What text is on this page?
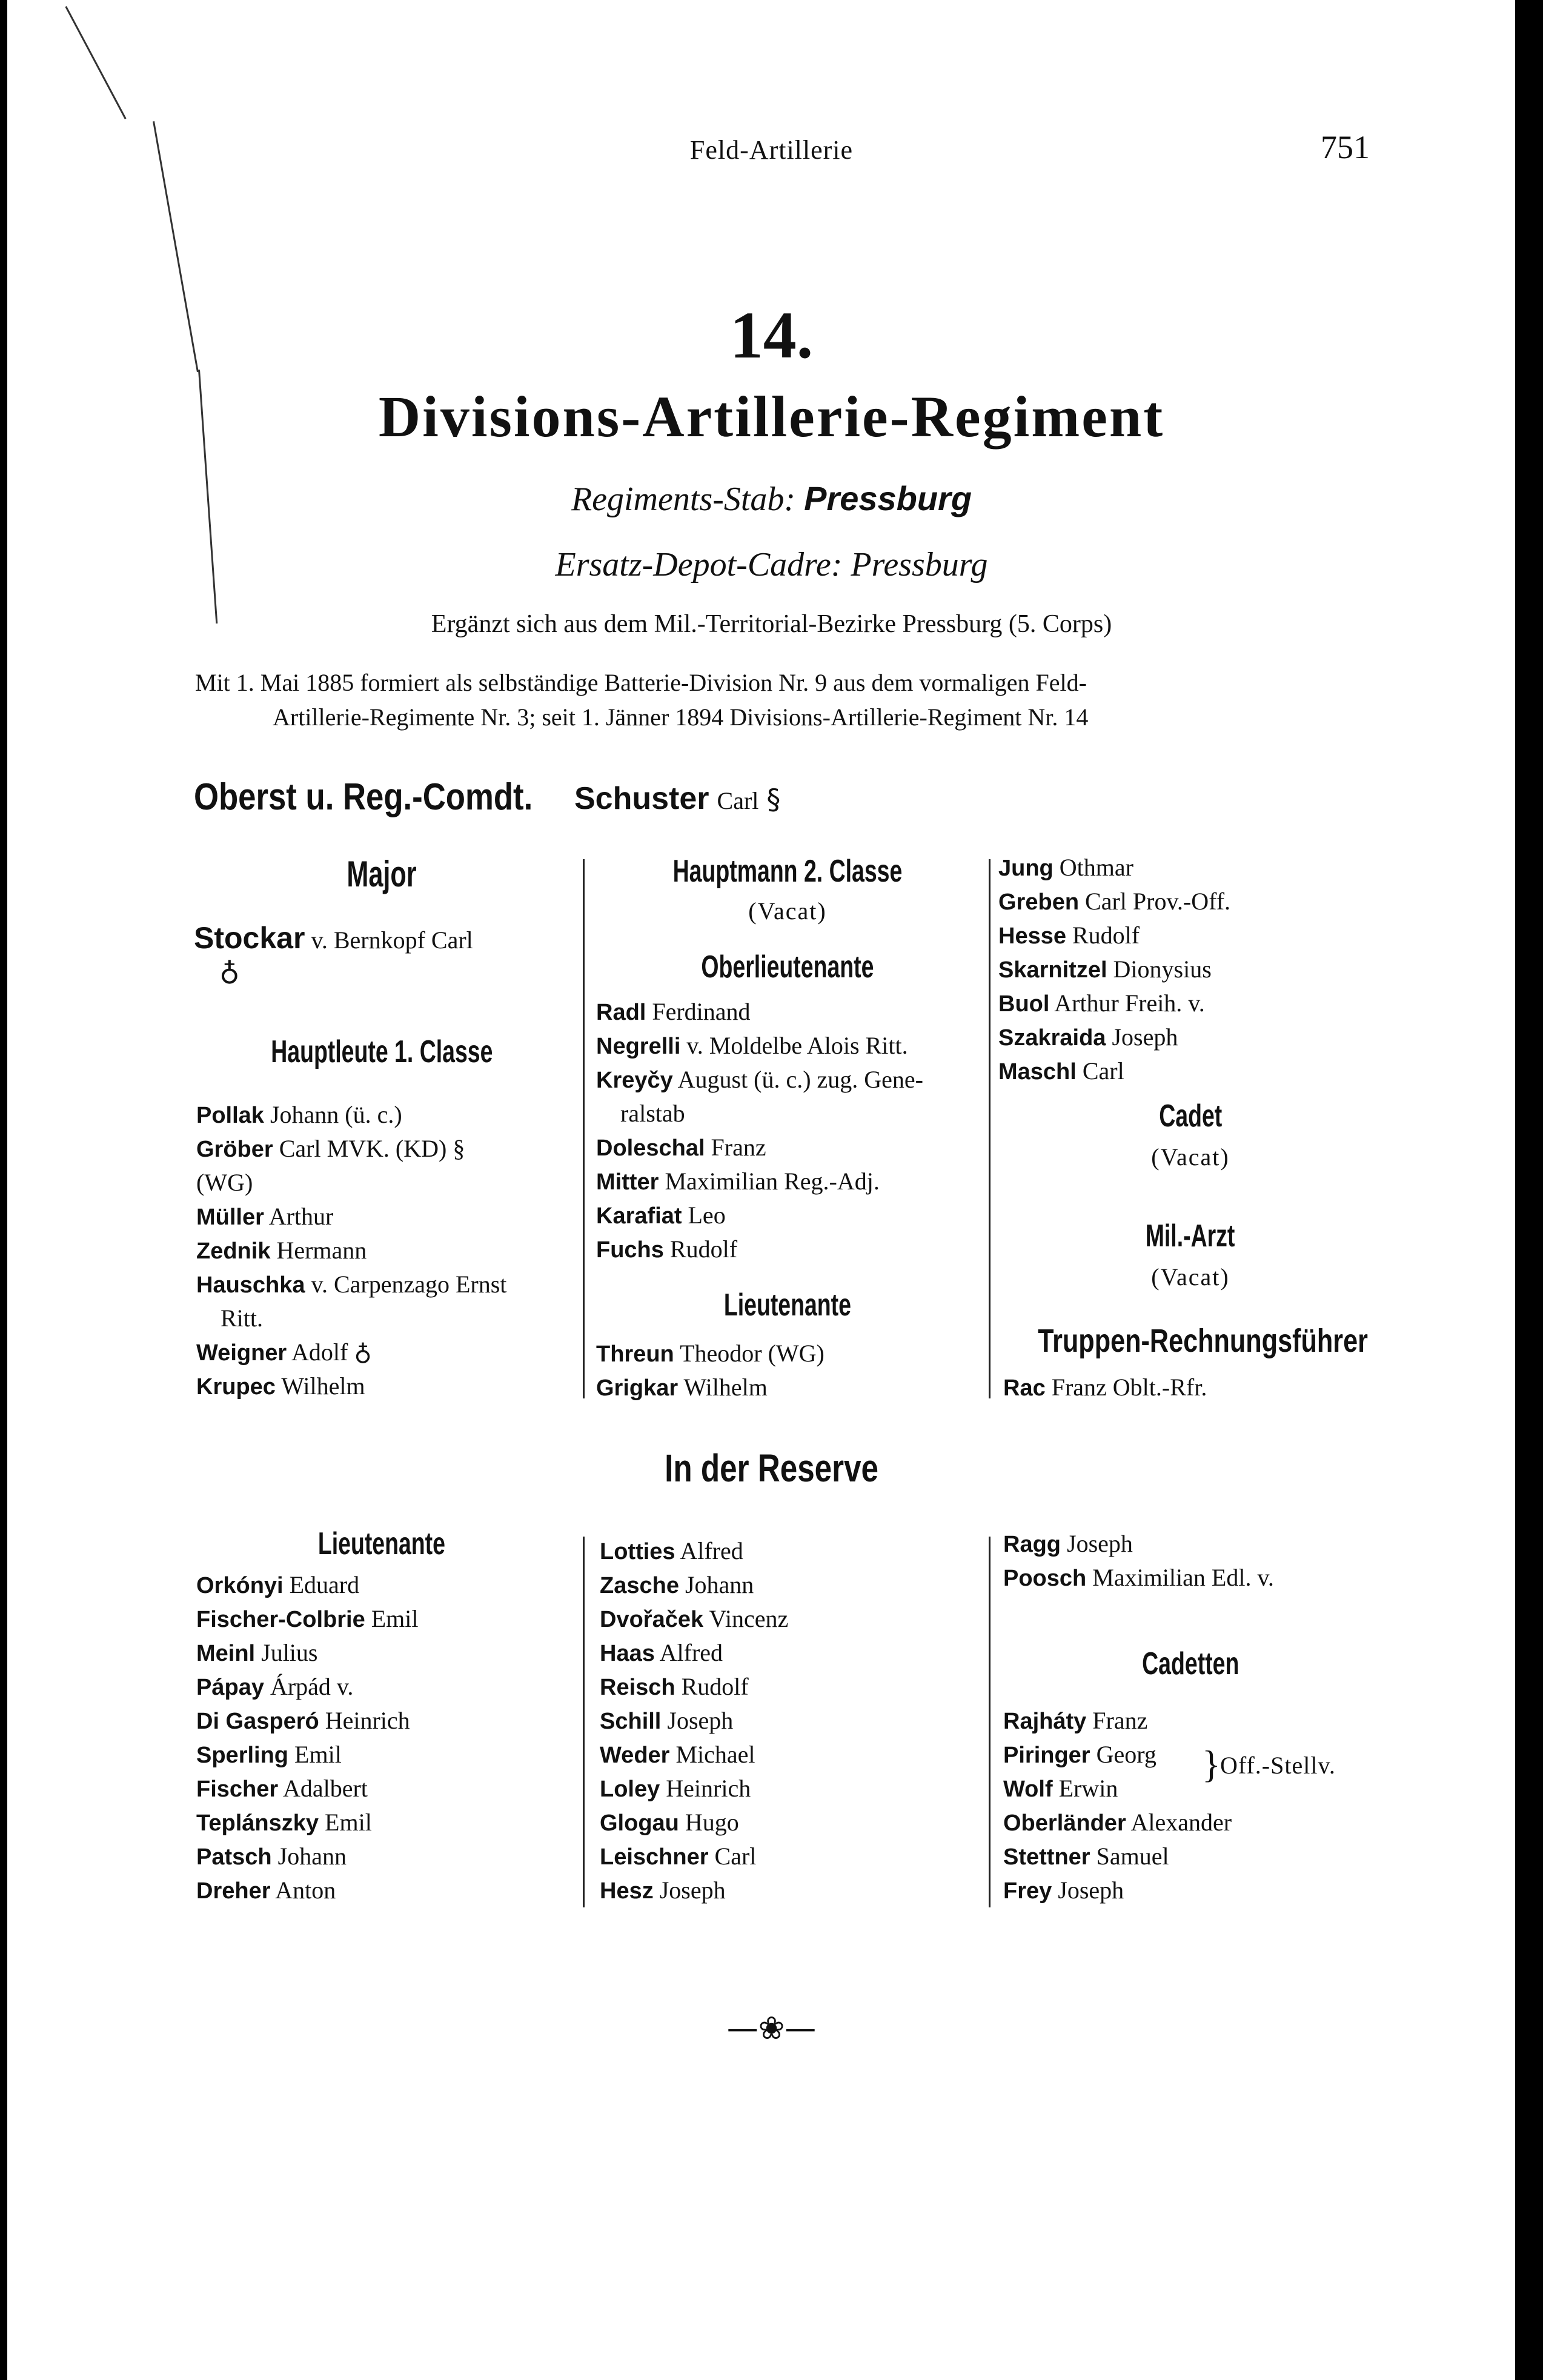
Feld-Artillerie	751
14.
Divisions-Artillerie-Regiment
Regiments-Stab: Pressburg
Ersatz-Depot-Cadre: Pressburg
Ergänzt sich aus dem Mil.-Territorial-Bezirke Pressburg (5. Corps)
Mit 1. Mai 1885 formiert als selbständige Batterie-Division Nr. 9 aus dem vormaligen Feld-
Artillerie-Regimente Nr. 3; seit 1. Jänner 1894 Divisions-Artillerie-Regiment Nr. 14
Oberst u. Reg.-Comdt.	Schuster Carl §
Major
Stockar v. Bernkopf Carl
♁
Hauptleute 1. Classe
Pollak Johann (ü. c.)
Gröber Carl MVK. (KD) §
(WG)
Müller Arthur
Zednik Hermann
Hauschka v. Carpenzago Ernst
Ritt.
Weigner Adolf ♁
Krupec Wilhelm
Hauptmann 2. Classe
(Vacat)
Oberlieutenante
Radl Ferdinand
Negrelli v. Moldelbe Alois Ritt.
Kreyčy August (ü. c.) zug. Gene-
ralstab
Doleschal Franz
Mitter Maximilian Reg.-Adj.
Karafiat Leo
Fuchs Rudolf
Lieutenante
Threun Theodor (WG)
Grigkar Wilhelm
Jung Othmar
Greben Carl Prov.-Off.
Hesse Rudolf
Skarnitzel Dionysius
Buol Arthur Freih. v.
Szakraida Joseph
Maschl Carl
Cadet
(Vacat)
Mil.-Arzt
(Vacat)
Truppen-Rechnungsführer
Rac Franz Oblt.-Rfr.
In der Reserve
Lieutenante
Orkónyi Eduard
Fischer-Colbrie Emil
Meinl Julius
Pápay Árpád v.
Di Gasperó Heinrich
Sperling Emil
Fischer Adalbert
Teplánszky Emil
Patsch Johann
Dreher Anton
Lotties Alfred
Zasche Johann
Dvořaček Vincenz
Haas Alfred
Reisch Rudolf
Schill Joseph
Weder Michael
Loley Heinrich
Glogau Hugo
Leischner Carl
Hesz Joseph
Ragg Joseph
Poosch Maximilian Edl. v.
Cadetten
Rajháty Franz
Piringer Georg
Wolf Erwin
Oberländer Alexander
Stettner Samuel
Frey Joseph
} Off.-Stellv.
—❀—
